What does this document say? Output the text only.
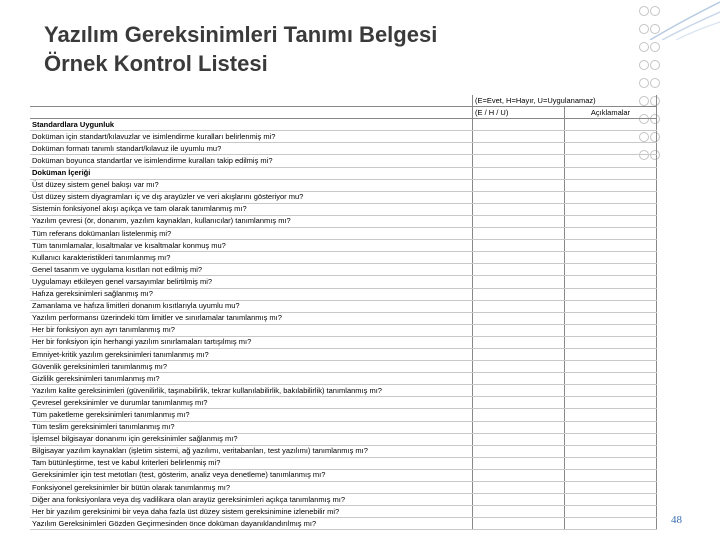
Yazılım Gereksinimleri Tanımı Belgesi
Örnek Kontrol Listesi
	(E=Evet, H=Hayır, U=Uygulanamaz)	
	(E / H / U)	Açıklamalar
Standardlara Uygunluk		
Doküman için standart/kılavuzlar ve isimlendirme kuralları belirlenmiş mi?		
Doküman formatı tanımlı standart/kılavuz ile uyumlu mu?		
Doküman boyunca standartlar ve isimlendirme kuralları takip edilmiş mi?		
Doküman İçeriği		
Üst düzey sistem genel bakışı var mı?		
Üst düzey sistem diyagramları iç ve dış arayüzler ve veri akışlarını gösteriyor mu?		
Sistemin fonksiyonel akışı açıkça ve tam olarak tanımlanmış mı?		
Yazılım çevresi (ör, donanım, yazılım kaynakları, kullanıcılar) tanımlanmış mı?		
Tüm referans dokümanları listelenmiş mi?		
Tüm tanımlamalar, kısaltmalar ve kısaltmalar konmuş mu?		
Kullanıcı karakteristikleri tanımlanmış mı?		
Genel tasarım ve uygulama kısıtları not edilmiş mi?		
Uygulamayı etkileyen genel varsayımlar belirtilmiş mi?		
Hafıza gereksinimleri sağlanmış mı?		
Zamanlama ve hafıza limitleri donanım kısıtlarıyla uyumlu mu?		
Yazılım performansı üzerindeki tüm limitler ve sınırlamalar tanımlanmış mı?		
Her bir fonksiyon ayrı ayrı tanımlanmış mı?		
Her bir fonksiyon için herhangi yazılım sınırlamaları tartışılmış mı?		
Emniyet-kritik yazılım gereksinimleri tanımlanmış mı?		
Güvenlik gereksinimleri tanımlanmış mı?		
Gizlilik gereksinimleri tanımlanmış mı?		
Yazılım kalite gereksinimleri (güvenilirlik, taşınabilirlik, tekrar kullanılabilirlik, bakılabilirlik) tanımlanmış mı?		
Çevresel gereksinimler ve durumlar tanımlanmış mı?		
Tüm paketleme gereksinimleri tanımlanmış mı?		
Tüm teslim gereksinimleri tanımlanmış mı?		
İşlemsel bilgisayar donanımı için gereksinimler sağlanmış mı?		
Bilgisayar yazılım kaynakları (işletim sistemi, ağ yazılımı, veritabanları, test yazılımı) tanımlanmış mı?		
Tam bütünleştirme, test ve kabul kriterleri belirlenmiş mi?		
Gereksinimler için test metotları (test, gösterim, analiz veya denetleme) tanımlanmış mı?		
Fonksiyonel gereksinimler bir bütün olarak tanımlanmış mı?		
Diğer ana fonksiyonlara veya dış vadilikara olan arayüz gereksinimleri açıkça tanımlanmış mı?		
Her bir yazılım gereksinimi bir veya daha fazla üst düzey sistem gereksinimine izlenebilir mi?		
Yazılım Gereksinimleri Gözden Geçirmesinden önce doküman dayanıklandırılmış mı?			48
